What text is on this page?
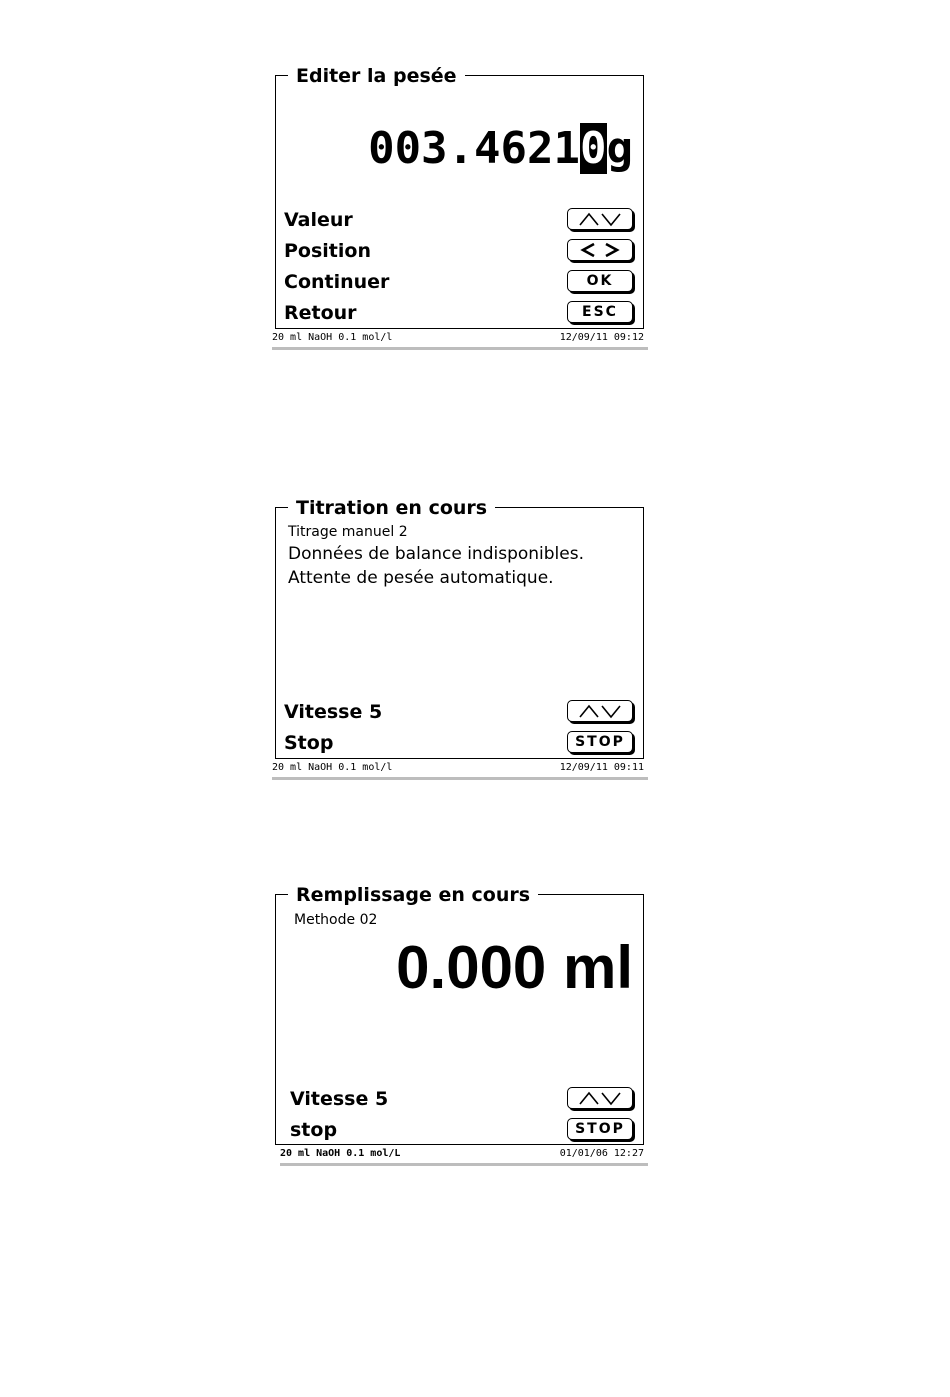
Editer la pesée
003.46210g
Valeur
Position
Continuer	OK
Retour	ESC
20 ml NaOH 0.1 mol/l	12/09/11 09:12
Titration en cours
Titrage manuel 2
Données de balance indisponibles.
Attente de pesée automatique.
Vitesse 5
Stop	STOP
20 ml NaOH 0.1 mol/l	12/09/11 09:11
Remplissage en cours
Methode 02
0.000 ml
Vitesse 5
stop	STOP
20 ml NaOH 0.1 mol/L	01/01/06 12:27
